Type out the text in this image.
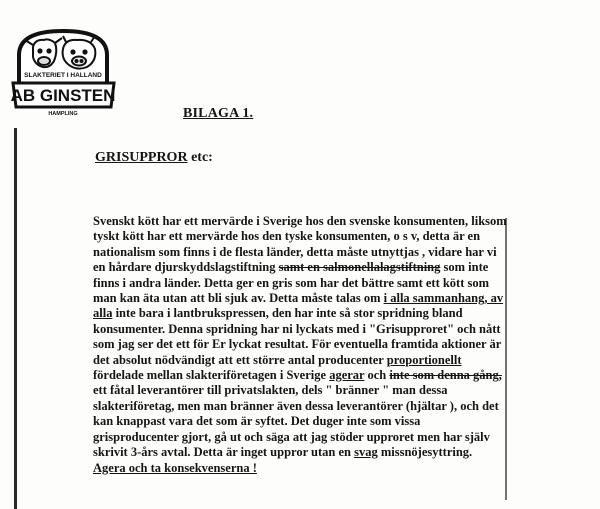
SLAKTERIET I HALLAND
AB GINSTEN
HAMPLING	BILAGA 1.
GRISUPPROR etc:
Svenskt kött har ett mervärde i Sverige hos den svenske konsumenten, liksom
tyskt kött har ett mervärde hos den tyske konsumenten, o s v, detta är en
nationalism som finns i de flesta länder, detta måste utnyttjas , vidare har vi
en hårdare djurskyddslagstiftning samt en salmonellalagstiftning som inte
finns i andra länder. Detta ger en gris som har det bättre samt ett kött som
man kan äta utan att bli sjuk av. Detta måste talas om i alla sammanhang, av
alla inte bara i lantbrukspressen, den har inte så stor spridning bland
konsumenter. Denna spridning har ni lyckats med i "Grisupproret" och nått
som jag ser det ett för Er lyckat resultat. För eventuella framtida aktioner är
det absolut nödvändigt att ett större antal producenter proportionellt
fördelade mellan slakteriföretagen i Sverige agerar och inte som denna gång,
ett fåtal leverantörer till privatslakten, dels " bränner " man dessa
slakteriföretag, men man bränner även dessa leverantörer (hjältar ), och det
kan knappast vara det som är syftet. Det duger inte som vissa
grisproducenter gjort, gå ut och säga att jag stöder upproret men har själv
skrivit 3-års avtal. Detta är inget uppror utan en svag missnöjesyttring.
Agera och ta konsekvenserna !
